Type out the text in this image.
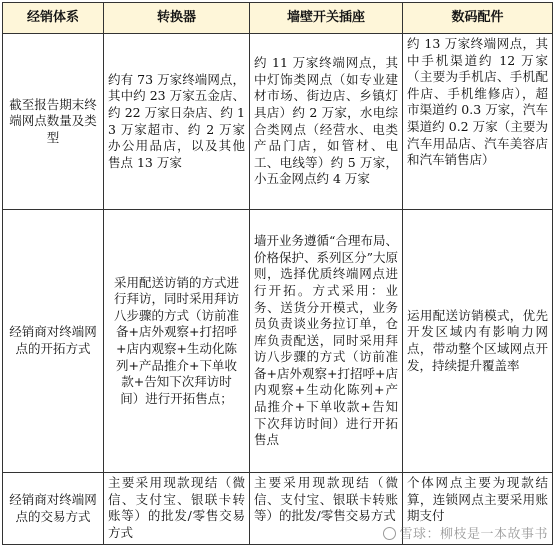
经销体系	转换器	墙壁开关插座	数码配件
截至报告期末终端网点数量及类型	约有 73 万家终端网点，其中约 23 万家五金店、约 22 万家日杂店、约 13 万家超市、约 2 万家办公用品店，以及其他售点 13 万家	约 11 万家终端网点，其中灯饰类网点（如专业建材市场、街边店、乡镇灯具店）约 2 万家，水电综合类网点（经营水、电类产品门店，如管材、电工、电线等）约 5 万家，小五金网点约 4 万家	约 13 万家终端网点，其中手机渠道约 12 万家（主要为手机店、手机配件店、手机维修店），超市渠道约 0.3 万家，汽车渠道约 0.2 万家（主要为汽车用品店、汽车美容店和汽车销售店）
经销商对终端网点的开拓方式	采用配送访销的方式进行拜访，同时采用拜访八步骤的方式（访前准备+店外观察+打招呼+店内观察+生动化陈列+产品推介+下单收款+告知下次拜访时间）进行开拓售点；	墙开业务遵循“合理布局、价格保护、系列区分”大原则，选择优质终端网点进行开拓。方式采用：业务、送货分开模式，业务员负责谈业务拉订单，仓库负责配送，同时采用拜访八步骤的方式（访前准备+店外观察+打招呼+店内观察+生动化陈列+产品推介+下单收款+告知下次拜访时间）进行开拓售点	运用配送访销模式，优先开发区域内有影响力网点，带动整个区域网点开发，持续提升覆盖率
经销商对终端网点的交易方式	主要采用现款现结（微信、支付宝、银联卡转账等）的批发/零售交易方式	主要采用现款现结（微信、支付宝、银联卡转账等）的批发/零售交易方式	个体网点主要为现款结算，连锁网点主要采用账期支付
雪球：柳枝是一本故事书
